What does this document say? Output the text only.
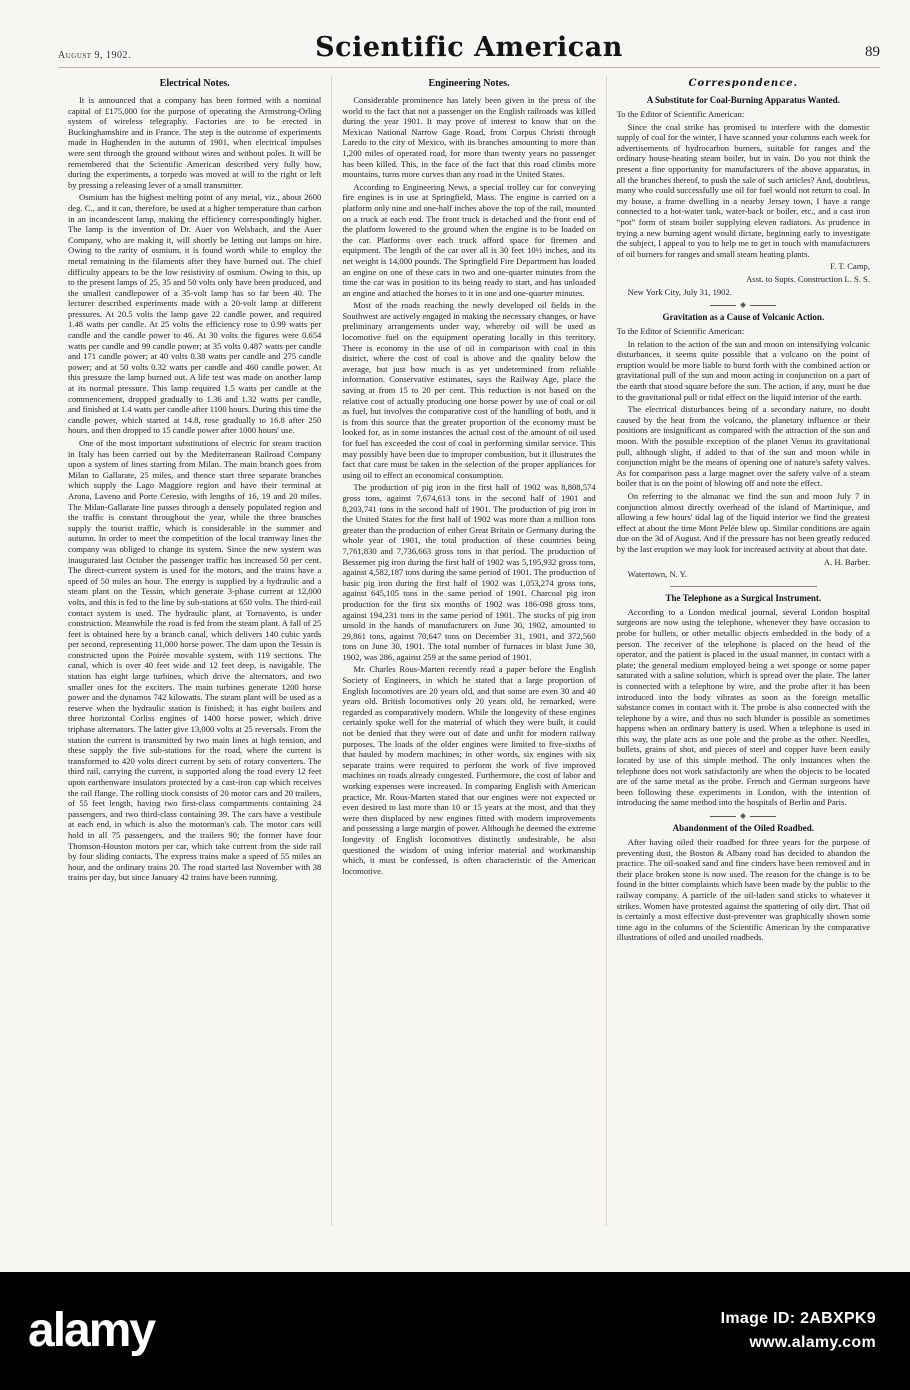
August 9, 1902.	Scientific American	89
Electrical Notes.

It is announced that a company has been formed with a nominal capital of £175,000 for the purpose of operating the Armstrong-Orling system of wireless telegraphy. Factories are to be erected in Buckinghamshire and in France. The step is the outcome of experiments made in Hughenden in the autumn of 1901, when electrical impulses were sent through the ground without wires and without poles. It will be remembered that the Scientific American described very fully how, during the experiments, a torpedo was moved at will to the right or left by pressing a releasing lever of a small transmitter.

Osmium has the highest melting point of any metal, viz., about 2600 deg. C., and it can, therefore, be used at a higher temperature than carbon in an incandescent lamp, making the efficiency correspondingly higher. The lamp is the invention of Dr. Auer von Welsbach, and the Auer Company, who are making it, will shortly be letting out lamps on hire. Owing to the rarity of osmium, it is found worth while to employ the metal remaining in the filaments after they have burned out. The chief difficulty appears to be the low resistivity of osmium. Owing to this, up to the present lamps of 25, 35 and 50 volts only have been produced, and the smallest candlepower of a 35-volt lamp has so far been 40. The lecturer described experiments made with a 20-volt lamp at different pressures. At 20.5 volts the lamp gave 22 candle power, and required 1.48 watts per candle. At 25 volts the efficiency rose to 0.99 watts per candle and the candle power to 46. At 30 volts the figures were 0.654 watts per candle and 99 candle power; at 35 volts 0.487 watts per candle and 171 candle power; at 40 volts 0.38 watts per candle and 275 candle power; and at 50 volts 0.32 watts per candle and 460 candle power. At this pressure the lamp burned out. A life test was made on another lamp at its normal pressure. This lamp required 1.5 watts per candle at the commencement, dropped gradually to 1.36 and 1.32 watts per candle, and finished at 1.4 watts per candle after 1100 hours. During this time the candle power, which started at 14.8, rose gradually to 16.8 after 250 hours, and then dropped to 15 candle power after 1000 hours' use.

One of the most important substitutions of electric for steam traction in Italy has been carried out by the Mediterranean Railroad Company upon a system of lines starting from Milan. The main branch goes from Milan to Gallarate, 25 miles, and thence start three separate branches which supply the Lago Maggiore region and have their terminal at Arona, Laveno and Porte Ceresio, with lengths of 16, 19 and 20 miles. The Milan-Gallarate line passes through a densely populated region and the traffic is constant throughout the year, while the three branches supply the tourist traffic, which is considerable in the summer and autumn. In order to meet the competition of the local tramway lines the company was obliged to change its system. Since the new system was inaugurated last October the passenger traffic has increased 50 per cent. The direct-current system is used for the motors, and the trains have a speed of 50 miles an hour. The energy is supplied by a hydraulic and a steam plant on the Tessin, which generate 3-phase current at 12,000 volts, and this is fed to the line by sub-stations at 650 volts. The third-rail contact system is used. The hydraulic plant, at Tornavento, is under construction. Meanwhile the road is fed from the steam plant. A fall of 25 feet is obtained here by a branch canal, which delivers 140 cubic yards per second, representing 11,000 horse power. The dam upon the Tessin is constructed upon the Poirée movable system, with 119 sections. The canal, which is over 40 feet wide and 12 feet deep, is navigable. The station has eight large turbines, which drive the alternators, and two smaller ones for the exciters. The main turbines generate 1200 horse power and the dynamos 742 kilowatts. The steam plant will be used as a reserve when the hydraulic station is finished; it has eight boilers and three horizontal Corliss engines of 1400 horse power, which drive triphase alternators. The latter give 13,000 volts at 25 reversals. From the station the current is transmitted by two main lines at high tension, and these supply the five sub-stations for the road, where the current is transformed to 420 volts direct current by sets of rotary converters. The third rail, carrying the current, is supported along the road every 12 feet upon earthenware insulators protected by a cast-iron cap which receives the rail flange. The rolling stock consists of 20 motor cars and 20 trailers, of 55 feet length, having two first-class compartments containing 24 passengers, and two third-class containing 39. The cars have a vestibule at each end, in which is also the motorman's cab. The motor cars will hold in all 75 passengers, and the trailers 90; the former have four Thomson-Houston motors per car, which take current from the side rail by four sliding contacts. The express trains make a speed of 55 miles an hour, and the ordinary trains 20. The road started last November with 38 trains per day, but since January 42 trains have been running.

Engineering Notes.

Considerable prominence has lately been given in the press of the world to the fact that not a passenger on the English railroads was killed during the year 1901. It may prove of interest to know that on the Mexican National Narrow Gage Road, from Corpus Christi through Laredo to the city of Mexico, with its branches amounting to more than 1,200 miles of operated road, for more than twenty years no passenger has been killed. This, in the face of the fact that this road climbs more mountains, turns more curves than any road in the United States.

According to Engineering News, a special trolley car for conveying fire engines is in use at Springfield, Mass. The engine is carried on a platform only nine and one-half inches above the top of the rail, mounted on a truck at each end. The front truck is detached and the front end of the platform lowered to the ground when the engine is to be loaded on the car. Platforms over each truck afford space for firemen and equipment. The length of the car over all is 30 feet 10½ inches, and its net weight is 14,000 pounds. The Springfield Fire Department has loaded an engine on one of these cars in two and one-quarter minutes from the time the car was in position to its being ready to start, and has unloaded an engine and attached the horses to it in one and one-quarter minutes.

Most of the roads reaching the newly developed oil fields in the Southwest are actively engaged in making the necessary changes, or have preliminary arrangements under way, whereby oil will be used as locomotive fuel on the equipment operating locally in this territory. There is economy in the use of oil in comparison with coal in this district, where the cost of coal is above and the quality below the average, but just how much is as yet undetermined from reliable information. Conservative estimates, says the Railway Age, place the saving at from 15 to 20 per cent. This reduction is not based on the relative cost of actually producing one horse power by use of coal or oil as fuel, but involves the comparative cost of the handling of both, and it is from this source that the greater proportion of the economy must be looked for, as in some instances the actual cost of the amount of oil used for fuel has exceeded the cost of coal in performing similar service. This may possibly have been due to improper combustion, but it illustrates the fact that care must be taken in the selection of the proper appliances for using oil to effect an economical consumption.

The production of pig iron in the first half of 1902 was 8,808,574 gross tons, against 7,674,613 tons in the second half of 1901 and 8,203,741 tons in the second half of 1901. The production of pig iron in the United States for the first half of 1902 was more than a million tons greater than the production of either Great Britain or Germany during the whole year of 1901, the total production of these countries being 7,761,830 and 7,736,663 gross tons in that period. The production of Bessemer pig iron during the first half of 1902 was 5,195,932 gross tons, against 4,582,187 tons during the same period of 1901. The production of basic pig iron during the first half of 1902 was 1,053,274 gross tons, against 645,105 tons in the same period of 1901. Charcoal pig iron production for the first six months of 1902 was 186-098 gross tons, against 194,231 tons in the same period of 1901. The stocks of pig iron unsold in the hands of manufacturers on June 30, 1902, amounted to 29,861 tons, against 70,647 tons on December 31, 1901, and 372,560 tons on June 30, 1901. The total number of furnaces in blast June 30, 1902, was 286, against 259 at the same period of 1901.

Mr. Charles Rous-Marten recently read a paper before the English Society of Engineers, in which he stated that a large proportion of English locomotives are 20 years old, and that some are even 30 and 40 years old. British locomotives only 20 years old, he remarked, were regarded as comparatively modern. While the longevity of these engines certainly spoke well for the material of which they were built, it could not be denied that they were out of date and unfit for modern railway purposes. The loads of the older engines were limited to five-sixths of that hauled by modern machines; in other words, six engines with six separate trains were required to perform the work of five improved machines on roads already congested. Furthermore, the cost of labor and working expenses were increased. In comparing English with American practice, Mr. Rous-Marten stated that our engines were not expected or even desired to last more than 10 or 15 years at the most, and that they were then displaced by new engines fitted with modern improvements and possessing a large margin of power. Although he deemed the extreme longevity of English locomotives distinctly undesirable, he also questioned the wisdom of using inferior material and workmanship which, it must be confessed, is often characteristic of the American locomotive.

Correspondence.
A Substitute for Coal-Burning Apparatus Wanted.

To the Editor of Scientific American:

Since the coal strike has promised to interfere with the domestic supply of coal for the winter, I have scanned your columns each week for advertisements of hydrocarbon burners, suitable for ranges and the ordinary house-heating steam boiler, but in vain. Do you not think the present a fine opportunity for manufacturers of the above apparatus, in all the branches thereof, to push the sale of such articles? And, doubtless, many who could successfully use oil for fuel would not return to coal. In my house, a frame dwelling in a nearby Jersey town, I have a range connected to a hot-water tank, water-back or boiler, etc., and a cast iron “pot” form of steam boiler supplying eleven radiators. As prudence in trying a new burning agent would dictate, beginning early to investigate the subject, I appeal to you to help me to get in touch with manufacturers of oil burners for ranges and small steam heating plants.

F. T. Camp,

Asst. to Supts. Construction L. S. S.

New York City, July 31, 1902.

Gravitation as a Cause of Volcanic Action.

To the Editor of Scientific American:

In relation to the action of the sun and moon on intensifying volcanic disturbances, it seems quite possible that a volcano on the point of eruption would be more liable to burst forth with the combined action or gravitational pull of the sun and moon acting in conjunction on a part of the earth that stood square before the sun. The action, if any, must be due to the gravitational pull or tidal effect on the liquid interior of the earth.

The electrical disturbances being of a secondary nature, no doubt caused by the heat from the volcano, the planetary influence or their positions are insignificant as compared with the attraction of the sun and moon. With the possible exception of the planet Venus its gravitational pull, although slight, if added to that of the sun and moon while in conjunction might be the means of opening one of nature's safety valves. As for comparison pass a large magnet over the safety valve of a steam boiler that is on the point of blowing off and note the effect.

On referring to the almanac we find the sun and moon July 7 in conjunction almost directly overhead of the island of Martinique, and allowing a few hours' tidal lag of the liquid interior we find the greatest effect at about the time Mont Pelée blew up. Similar conditions are again due on the 3d of August. And if the pressure has not been greatly reduced by the last eruption we may look for increased activity at about that date.

A. H. Barber.

Watertown, N. Y.

The Telephone as a Surgical Instrument.

According to a London medical journal, several London hospital surgeons are now using the telephone, whenever they have occasion to probe for bullets, or other metallic objects embedded in the body of a person. The receiver of the telephone is placed on the head of the operator, and the patient is placed in the usual manner, in contact with a plate; the general medium employed being a wet sponge or some paper saturated with a saline solution, which is spread over the plate. The latter is connected with a telephone by wire, and the probe after it has been introduced into the body vibrates as soon as the foreign metallic substance comes in contact with it. The probe is also connected with the telephone by a wire, and thus no such blunder is possible as sometimes happens when an ordinary battery is used. When a telephone is used in this way, the plate acts as one pole and the probe as the other. Needles, bullets, grains of shot, and pieces of steel and copper have been easily located by use of this simple method. The only instances when the telephone does not work satisfactorily are when the objects to be located are of the same metal as the probe. French and German surgeons have been following these experiments in London, with the intention of introducing the same method into the hospitals of Berlin and Paris.

Abandonment of the Oiled Roadbed.

After having oiled their roadbed for three years for the purpose of preventing dust, the Boston & Albany road has decided to abandon the practice. The oil-soaked sand and fine cinders have been removed and in their place broken stone is now used. The reason for the change is to be found in the bitter complaints which have been made by the public to the railway company. A particle of the oil-laden sand sticks to whatever it strikes. Women have protested against the spattering of oily dirt. That oil is certainly a most effective dust-preventer was graphically shown some time ago in the columns of the Scientific American by the comparative illustrations of oiled and unoiled roadbeds.

alamy	Image ID: 2ABXPK9
www.alamy.com
